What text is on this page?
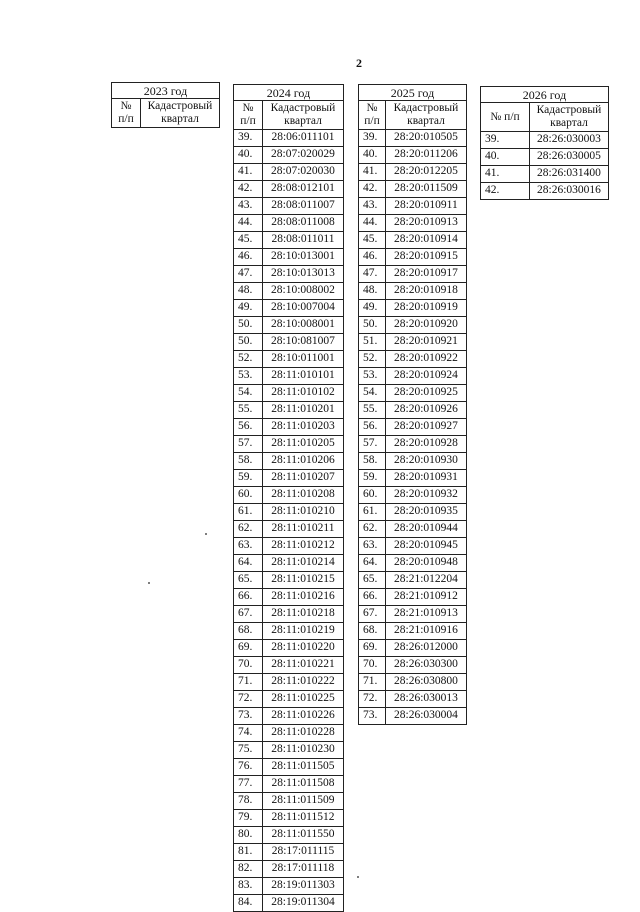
2
2023 год
№
п/п	Кадастровый
квартал
2024 год	
№
п/п	Кадастровый
квартал
39.	28:06:011101
40.	28:07:020029
41.	28:07:020030
42.	28:08:012101
43.	28:08:011007
44.	28:08:011008
45.	28:08:011011
46.	28:10:013001
47.	28:10:013013
48.	28:10:008002
49.	28:10:007004
50.	28:10:008001
50.	28:10:081007
52.	28:10:011001
53.	28:11:010101
54.	28:11:010102
55.	28:11:010201
56.	28:11:010203
57.	28:11:010205
58.	28:11:010206
59.	28:11:010207
60.	28:11:010208
61.	28:11:010210
62.	28:11:010211
63.	28:11:010212
64.	28:11:010214
65.	28:11:010215
66.	28:11:010216
67.	28:11:010218
68.	28:11:010219
69.	28:11:010220
70.	28:11:010221
71.	28:11:010222
72.	28:11:010225
73.	28:11:010226
74.	28:11:010228
75.	28:11:010230
76.	28:11:011505
77.	28:11:011508
78.	28:11:011509
79.	28:11:011512
80.	28:11:011550
81.	28:17:011115
82.	28:17:011118
83.	28:19:011303
84.	28:19:011304
2025 год	
№
п/п	Кадастровый
квартал
39.	28:20:010505
40.	28:20:011206
41.	28:20:012205
42.	28:20:011509
43.	28:20:010911
44.	28:20:010913
45.	28:20:010914
46.	28:20:010915
47.	28:20:010917
48.	28:20:010918
49.	28:20:010919
50.	28:20:010920
51.	28:20:010921
52.	28:20:010922
53.	28:20:010924
54.	28:20:010925
55.	28:20:010926
56.	28:20:010927
57.	28:20:010928
58.	28:20:010930
59.	28:20:010931
60.	28:20:010932
61.	28:20:010935
62.	28:20:010944
63.	28:20:010945
64.	28:20:010948
65.	28:21:012204
66.	28:21:010912
67.	28:21:010913
68.	28:21:010916
69.	28:26:012000
70.	28:26:030300
71.	28:26:030800
72.	28:26:030013
73.	28:26:030004
2026 год	
№ п/п	Кадастровый
квартал
39.	28:26:030003
40.	28:26:030005
41.	28:26:031400
42.	28:26:030016
